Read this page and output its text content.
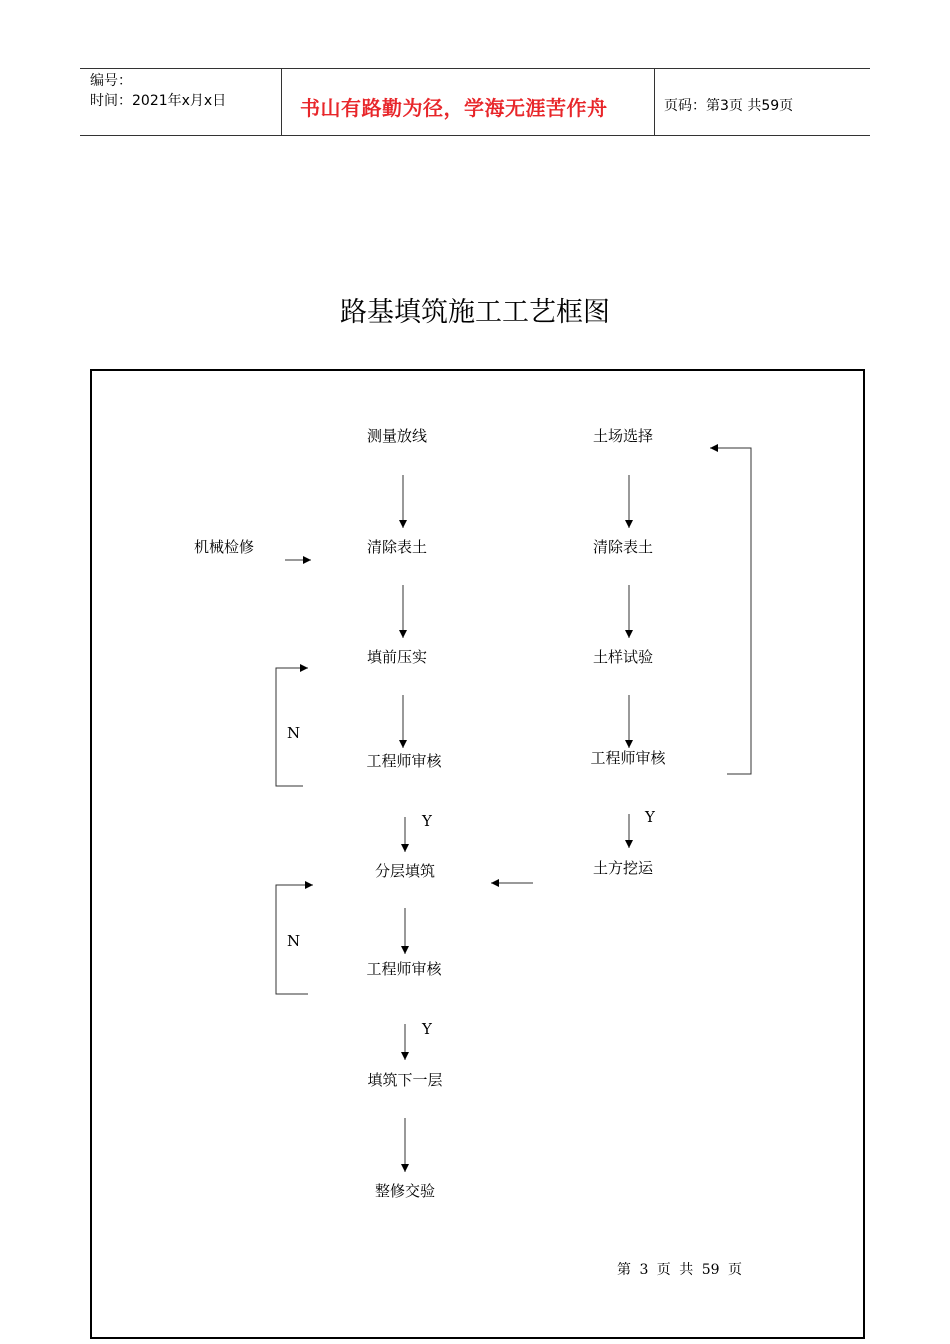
编号：
时间：2021年x月x日	书山有路勤为径，学海无涯苦作舟	页码：第3页 共59页
路基填筑施工工艺框图
测量放线
清除表土
填前压实
工程师审核
分层填筑
工程师审核
填筑下一层
整修交验
土场选择
清除表土
土样试验
工程师审核
土方挖运
机械检修
N
N
Y	Y
Y
第 3 页 共 59 页
